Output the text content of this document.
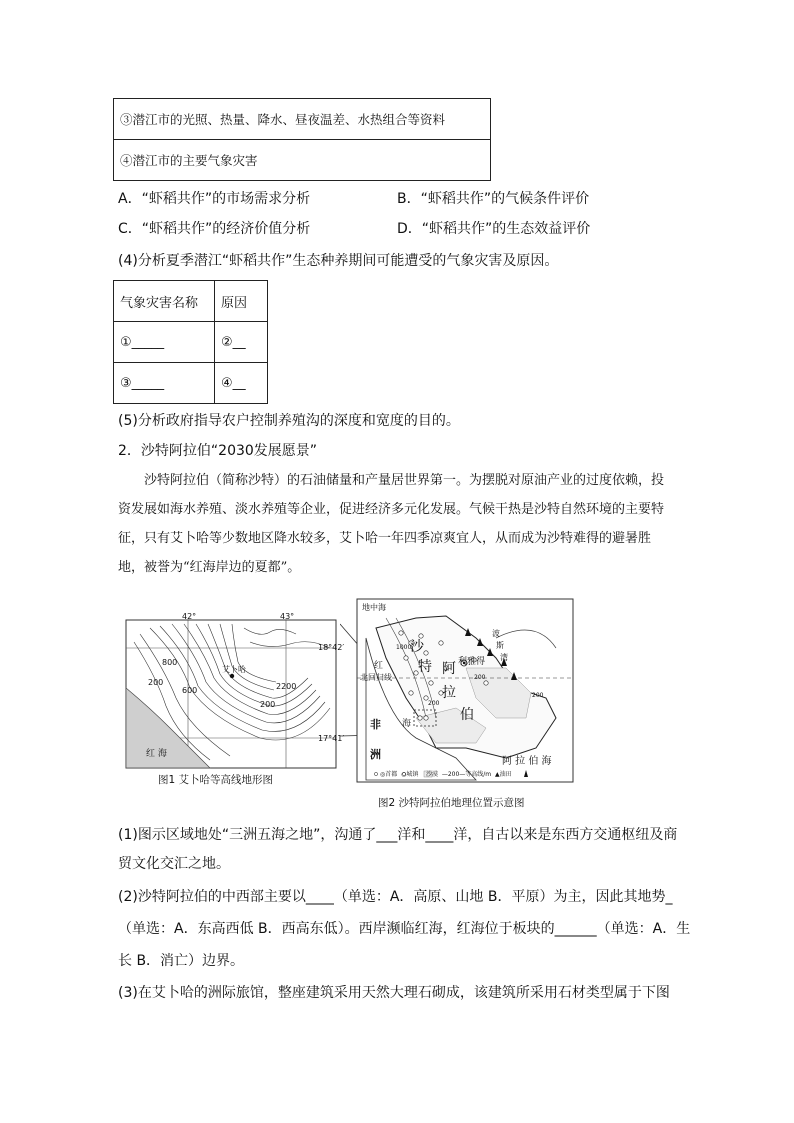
③潜江市的光照、热量、降水、昼夜温差、水热组合等资料
④潜江市的主要气象灾害
A．“虾稻共作”的市场需求分析	B．“虾稻共作”的气候条件评价
C．“虾稻共作”的经济价值分析	D．“虾稻共作”的生态效益评价
(4)分析夏季潜江“虾稻共作”生态种养期间可能遭受的气象灾害及原因。
气象灾害名称	原因
①_____	②__
③_____	④__
(5)分析政府指导农户控制养殖沟的深度和宽度的目的。
2．沙特阿拉伯“2030发展愿景”
沙特阿拉伯（简称沙特）的石油储量和产量居世界第一。为摆脱对原油产业的过度依赖，投资发展如海水养殖、淡水养殖等企业，促进经济多元化发展。气候干热是沙特自然环境的主要特征，只有艾卜哈等少数地区降水较多，艾卜哈一年四季凉爽宜人，从而成为沙特难得的避暑胜地，被誉为“红海岸边的夏都”。
42°	43°
18°42′
17°41′
红 海
艾卜哈
800
600
200
200
2200
图1 艾卜哈等高线地形图
地中海
沙
特 阿
拉
伯
利雅得
北回归线
红
海
非
洲
波
斯
湾
阿 拉 伯 海
1000
200
200
200
◎首都 ○城镇 沙漠 —200—等高线/m ▲油田
图2 沙特阿拉伯地理位置示意图
(1)图示区域地处“三洲五海之地”，沟通了___洋和____洋，自古以来是东西方交通枢纽及商
贸文化交汇之地。
(2)沙特阿拉伯的中西部主要以____（单选：A．高原、山地 B．平原）为主，因此其地势_
（单选：A．东高西低 B．西高东低）。西岸濒临红海，红海位于板块的______（单选：A．生
长 B．消亡）边界。
(3)在艾卜哈的洲际旅馆，整座建筑采用天然大理石砌成，该建筑所采用石材类型属于下图
